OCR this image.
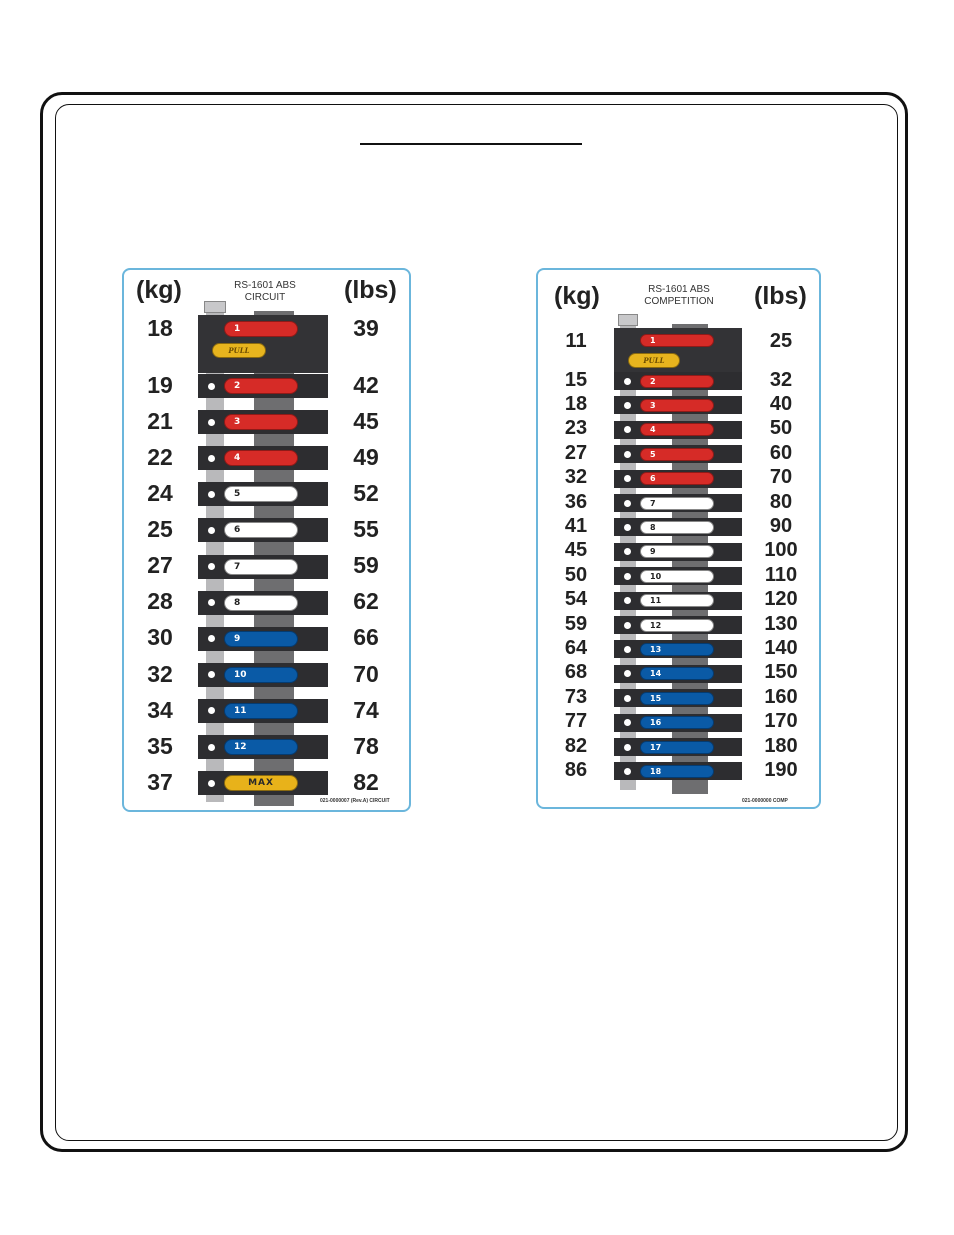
(kg)	RS-1601 ABS
CIRCUIT	(lbs)
021-0000007 (Rev.A) CIRCUIT
1
PULL
18	39
2
19	42
3
21	45
4
22	49
5
24	52
6
25	55
7
27	59
8
28	62
9
30	66
10
32	70
11
34	74
12
35	78
MAX
37	82
(kg)	RS-1601 ABS
COMPETITION	(lbs)
021-0000000 COMP
1
PULL
11	25
2
15	32
3
18	40
4
23	50
5
27	60
6
32	70
7
36	80
8
41	90
9
45	100
10
50	110
11
54	120
12
59	130
13
64	140
14
68	150
15
73	160
16
77	170
17
82	180
18
86	190
